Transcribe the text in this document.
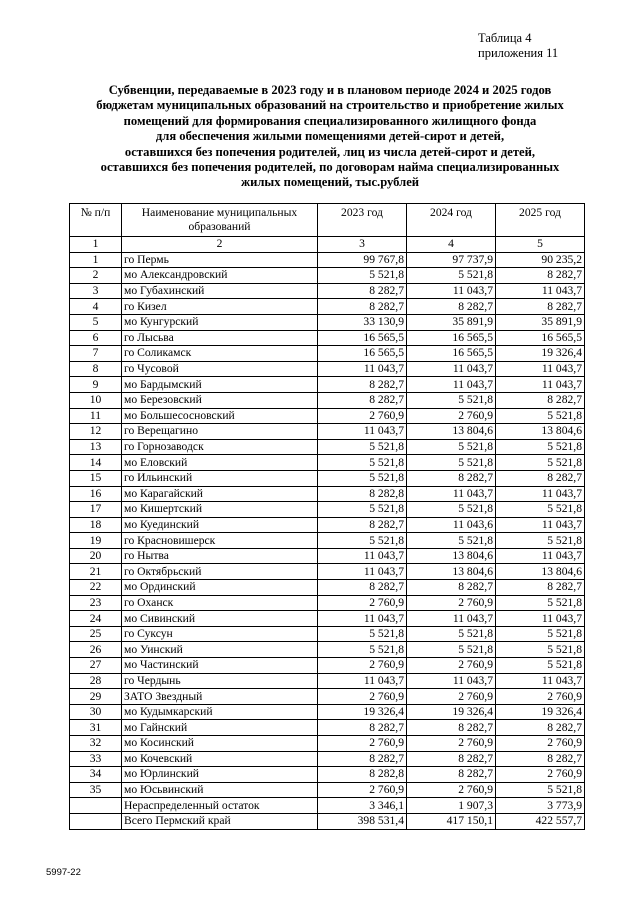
Таблица 4
приложения 11
Субвенции, передаваемые в 2023 году и в плановом периоде 2024 и 2025 годов
бюджетам муниципальных образований на строительство и приобретение жилых
помещений для формирования специализированного жилищного фонда
для обеспечения жилыми помещениями детей-сирот и детей,
оставшихся без попечения родителей, лиц из числа детей-сирот и детей,
оставшихся без попечения родителей, по договорам найма специализированных
жилых помещений, тыс.рублей
№ п/п	Наименование муниципальных образований	2023 год	2024 год	2025 год
1	2	3	4	5
1	го Пермь	99 767,8	97 737,9	90 235,2
2	мо Александровский	5 521,8	5 521,8	8 282,7
3	мо Губахинский	8 282,7	11 043,7	11 043,7
4	го Кизел	8 282,7	8 282,7	8 282,7
5	мо Кунгурский	33 130,9	35 891,9	35 891,9
6	го Лысьва	16 565,5	16 565,5	16 565,5
7	го Соликамск	16 565,5	16 565,5	19 326,4
8	го Чусовой	11 043,7	11 043,7	11 043,7
9	мо Бардымский	8 282,7	11 043,7	11 043,7
10	мо Березовский	8 282,7	5 521,8	8 282,7
11	мо Большесосновский	2 760,9	2 760,9	5 521,8
12	го Верещагино	11 043,7	13 804,6	13 804,6
13	го Горнозаводск	5 521,8	5 521,8	5 521,8
14	мо Еловский	5 521,8	5 521,8	5 521,8
15	го Ильинский	5 521,8	8 282,7	8 282,7
16	мо Карагайский	8 282,8	11 043,7	11 043,7
17	мо Кишертский	5 521,8	5 521,8	5 521,8
18	мо Куединский	8 282,7	11 043,6	11 043,7
19	го Красновишерск	5 521,8	5 521,8	5 521,8
20	го Нытва	11 043,7	13 804,6	11 043,7
21	го Октябрьский	11 043,7	13 804,6	13 804,6
22	мо Ординский	8 282,7	8 282,7	8 282,7
23	го Оханск	2 760,9	2 760,9	5 521,8
24	мо Сивинский	11 043,7	11 043,7	11 043,7
25	го Суксун	5 521,8	5 521,8	5 521,8
26	мо Уинский	5 521,8	5 521,8	5 521,8
27	мо Частинский	2 760,9	2 760,9	5 521,8
28	го Чердынь	11 043,7	11 043,7	11 043,7
29	ЗАТО Звездный	2 760,9	2 760,9	2 760,9
30	мо Кудымкарский	19 326,4	19 326,4	19 326,4
31	мо Гайнский	8 282,7	8 282,7	8 282,7
32	мо Косинский	2 760,9	2 760,9	2 760,9
33	мо Кочевский	8 282,7	8 282,7	8 282,7
34	мо Юрлинский	8 282,8	8 282,7	2 760,9
35	мо Юсьвинский	2 760,9	2 760,9	5 521,8
	Нераспределенный остаток	3 346,1	1 907,3	3 773,9
	Всего Пермский край	398 531,4	417 150,1	422 557,7
5997-22
